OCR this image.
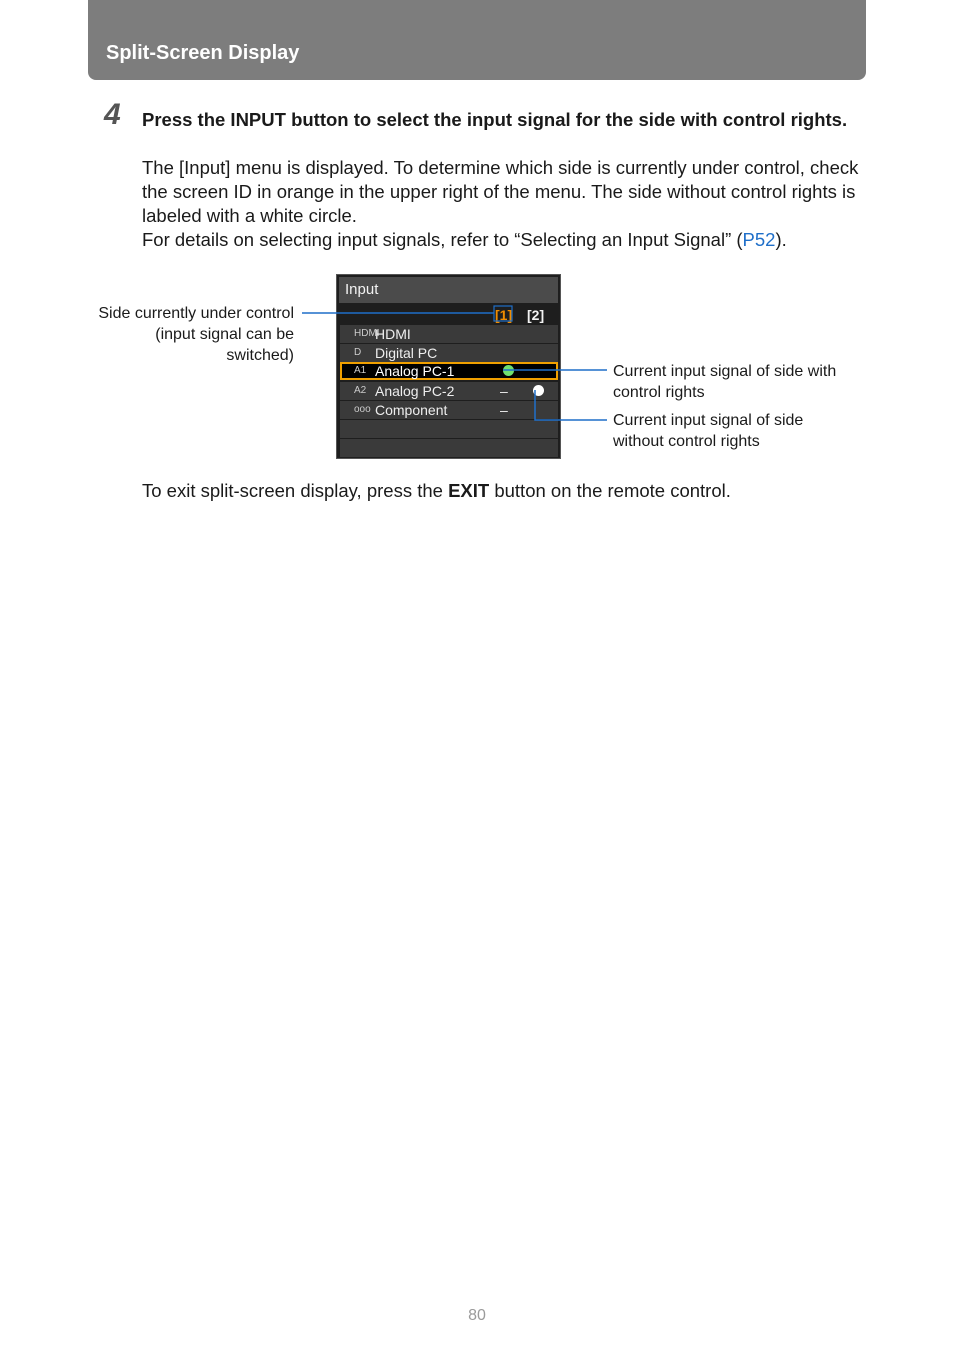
Split-Screen Display
4 Press the INPUT button to select the input signal for the side with control rights.

The [Input] menu is displayed. To determine which side is currently under control, check the screen ID in orange in the upper right of the menu. The side without control rights is labeled with a white circle.

For details on selecting input signals, refer to “Selecting an Input Signal” (P52).

Side currently under control (input signal can be switched)
Current input signal of side with control rights
Current input signal of side without control rights
Input
[1] [2]
HDMI
HDMI
D Digital PC
A1 Analog PC-1
A2 Analog PC-2	–
ooo Component	–
To exit split-screen display, press the EXIT button on the remote control.
80
